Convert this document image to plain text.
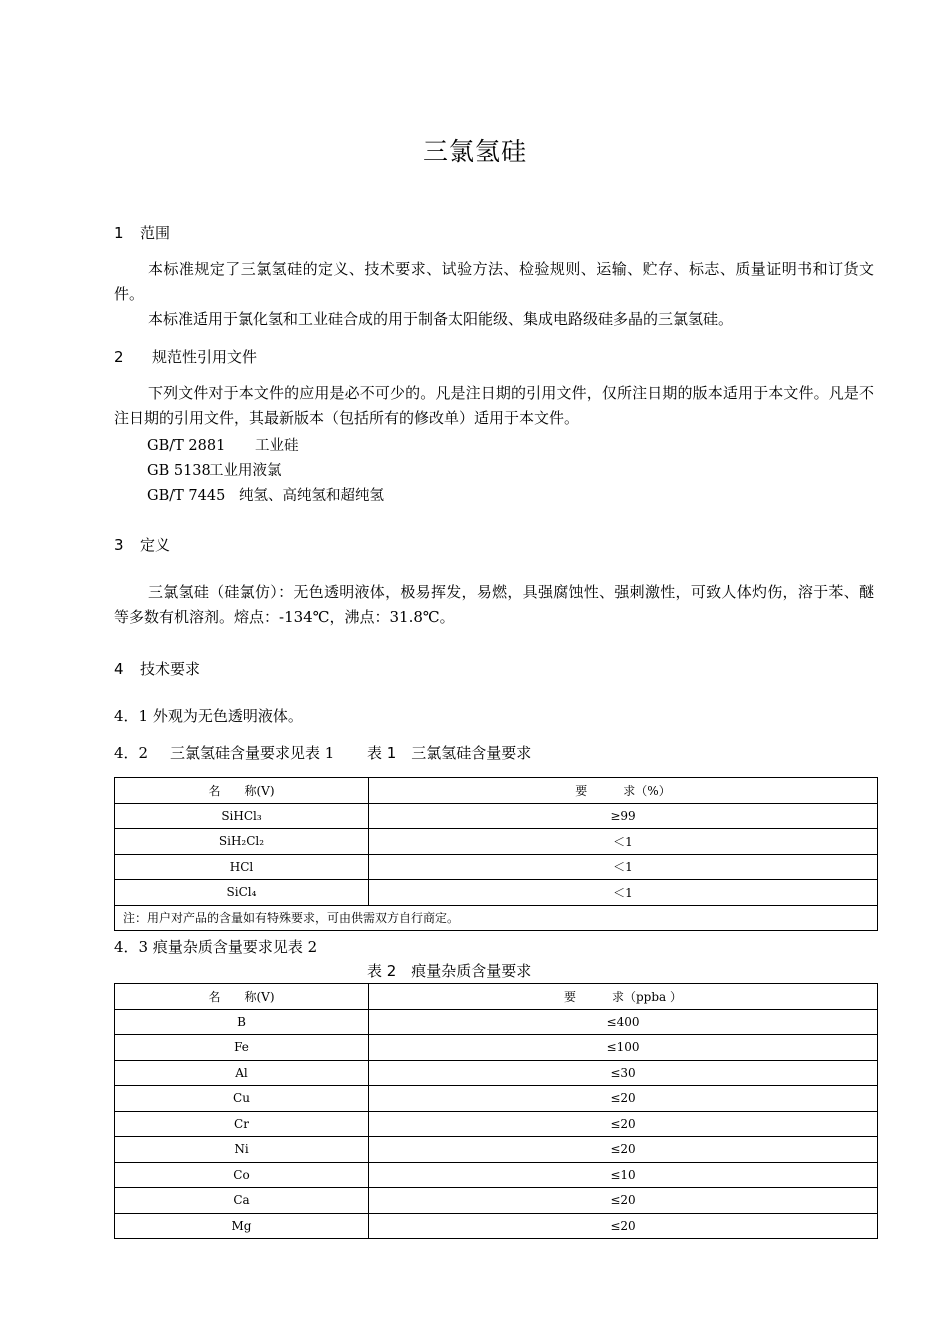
三氯氢硅
1 范围
本标准规定了三氯氢硅的定义、技术要求、试验方法、检验规则、运输、贮存、标志、质量证明书和订货文件。
本标准适用于氯化氢和工业硅合成的用于制备太阳能级、集成电路级硅多晶的三氯氢硅。
2 规范性引用文件
下列文件对于本文件的应用是必不可少的。凡是注日期的引用文件，仅所注日期的版本适用于本文件。凡是不注日期的引用文件，其最新版本（包括所有的修改单）适用于本文件。
GB/T 2881 工业硅
GB 5138工业用液氯
GB/T 7445 纯氢、高纯氢和超纯氢
3 定义
三氯氢硅（硅氯仿）：无色透明液体，极易挥发，易燃，具强腐蚀性、强刺激性，可致人体灼伤，溶于苯、醚等多数有机溶剂。熔点：-134℃，沸点：31.8℃。
4 技术要求
4．1 外观为无色透明液体。
4．2 三氯氢硅含量要求见表 1 表 1　三氯氢硅含量要求
名　　称(V)	要　　　求（%）
SiHCl₃	≥99
SiH₂Cl₂	＜1
HCl	＜1
SiCl₄	＜1
注：用户对产品的含量如有特殊要求，可由供需双方自行商定。	
4．3 痕量杂质含量要求见表 2
表 2　痕量杂质含量要求
名　　称(V)	要　　　求（ppba ）
B	≤400
Fe	≤100
Al	≤30
Cu	≤20
Cr	≤20
Ni	≤20
Co	≤10
Ca	≤20
Mg	≤20
